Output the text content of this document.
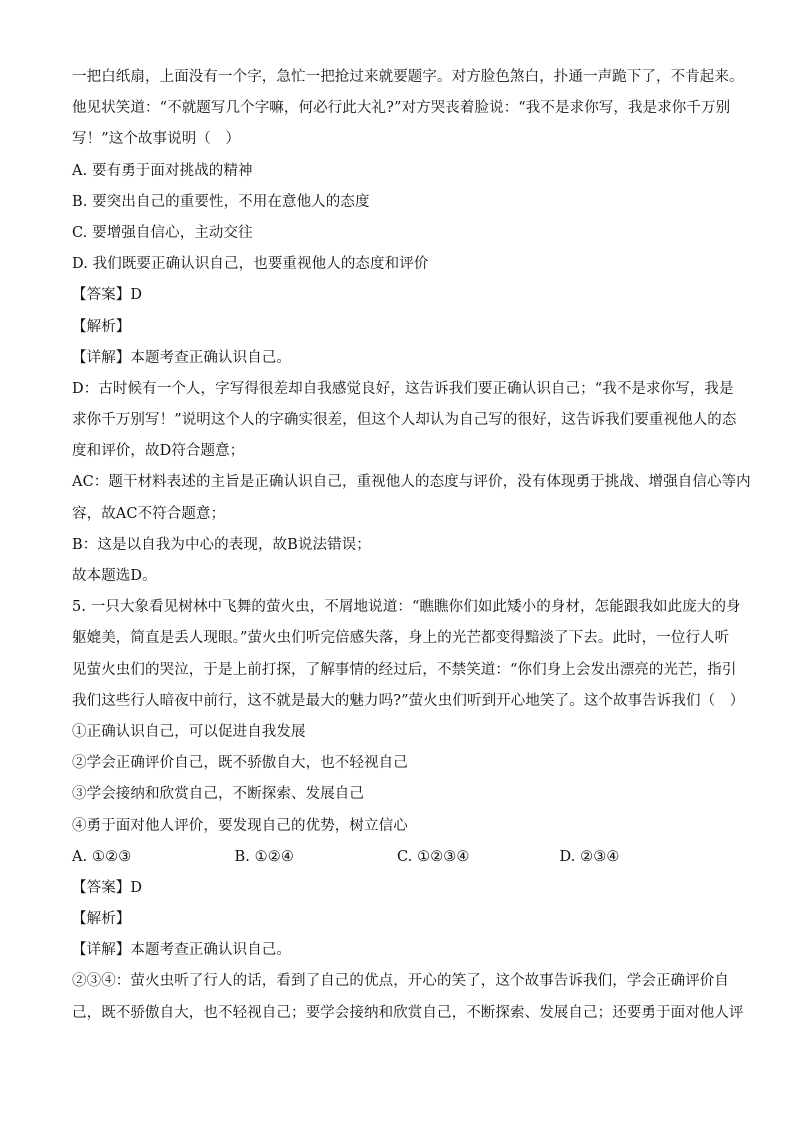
一把白纸扇，上面没有一个字，急忙一把抢过来就要题字。对方脸色煞白，扑通一声跪下了，不肯起来。
他见状笑道：“不就题写几个字嘛，何必行此大礼?”对方哭丧着脸说：“我不是求你写，我是求你千万别
写！”这个故事说明（　）
A. 要有勇于面对挑战的精神
B. 要突出自己的重要性，不用在意他人的态度
C. 要增强自信心，主动交往
D. 我们既要正确认识自己，也要重视他人的态度和评价
【答案】D
【解析】
【详解】本题考查正确认识自己。
D：古时候有一个人，字写得很差却自我感觉良好，这告诉我们要正确认识自己；“我不是求你写，我是
求你千万别写！”说明这个人的字确实很差，但这个人却认为自己写的很好，这告诉我们要重视他人的态
度和评价，故D符合题意；
AC：题干材料表述的主旨是正确认识自己，重视他人的态度与评价，没有体现勇于挑战、增强自信心等内
容，故AC不符合题意；
B：这是以自我为中心的表现，故B说法错误；
故本题选D。
5. 一只大象看见树林中飞舞的萤火虫，不屑地说道：“瞧瞧你们如此矮小的身材，怎能跟我如此庞大的身
躯媲美，简直是丢人现眼。”萤火虫们听完倍感失落，身上的光芒都变得黯淡了下去。此时，一位行人听
见萤火虫们的哭泣，于是上前打探，了解事情的经过后，不禁笑道：“你们身上会发出漂亮的光芒，指引
我们这些行人暗夜中前行，这不就是最大的魅力吗?”萤火虫们听到开心地笑了。这个故事告诉我们（　）
①正确认识自己，可以促进自我发展
②学会正确评价自己，既不骄傲自大，也不轻视自己
③学会接纳和欣赏自己，不断探索、发展自己
④勇于面对他人评价，要发现自己的优势，树立信心
A. ①②③	B. ①②④	C. ①②③④	D. ②③④
【答案】D
【解析】
【详解】本题考查正确认识自己。
②③④：萤火虫听了行人的话，看到了自己的优点，开心的笑了，这个故事告诉我们，学会正确评价自
己，既不骄傲自大，也不轻视自己；要学会接纳和欣赏自己，不断探索、发展自己；还要勇于面对他人评
